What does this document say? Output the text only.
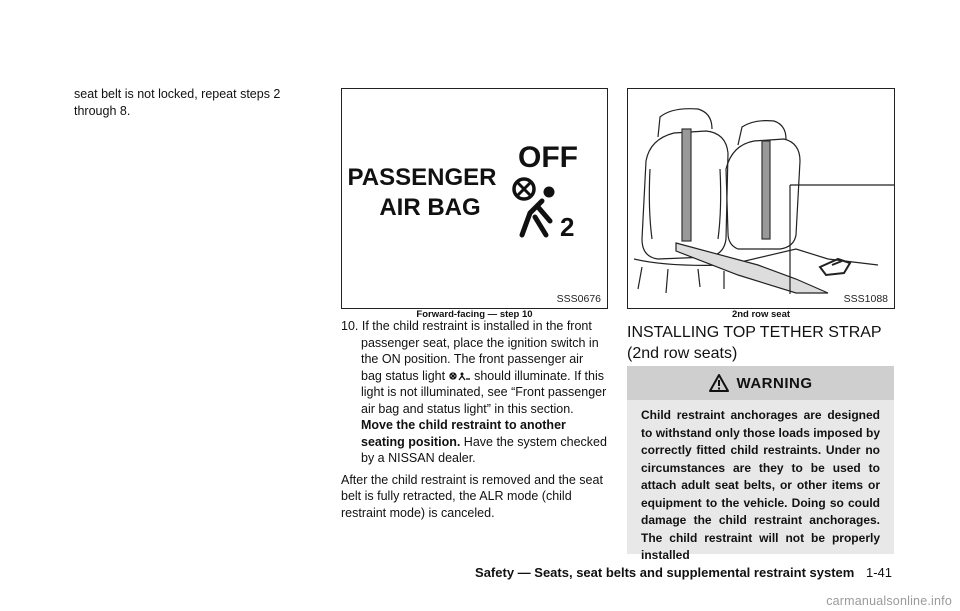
seat belt is not locked, repeat steps 2 through 8.

PASSENGER
AIR BAG
OFF
2
SSS0676
Forward-facing — step 10
SSS1088
2nd row seat

10. If the child restraint is installed in the front passenger seat, place the ignition switch in the ON position. The front passenger air bag status light should illuminate. If this light is not illuminated, see “Front passenger air bag and status light” in this section. Move the child restraint to another seating position. Have the system checked by a NISSAN dealer.

After the child restraint is removed and the seat belt is fully retracted, the ALR mode (child restraint mode) is canceled.

INSTALLING TOP TETHER STRAP (2nd row seats)
WARNING
Child restraint anchorages are designed to withstand only those loads imposed by correctly fitted child restraints. Under no circumstances are they to be used to attach adult seat belts, or other items or equipment to the vehicle. Doing so could damage the child restraint anchorages. The child restraint will not be properly installed
Safety — Seats, seat belts and supplemental restraint system 1-41
carmanualsonline.info
